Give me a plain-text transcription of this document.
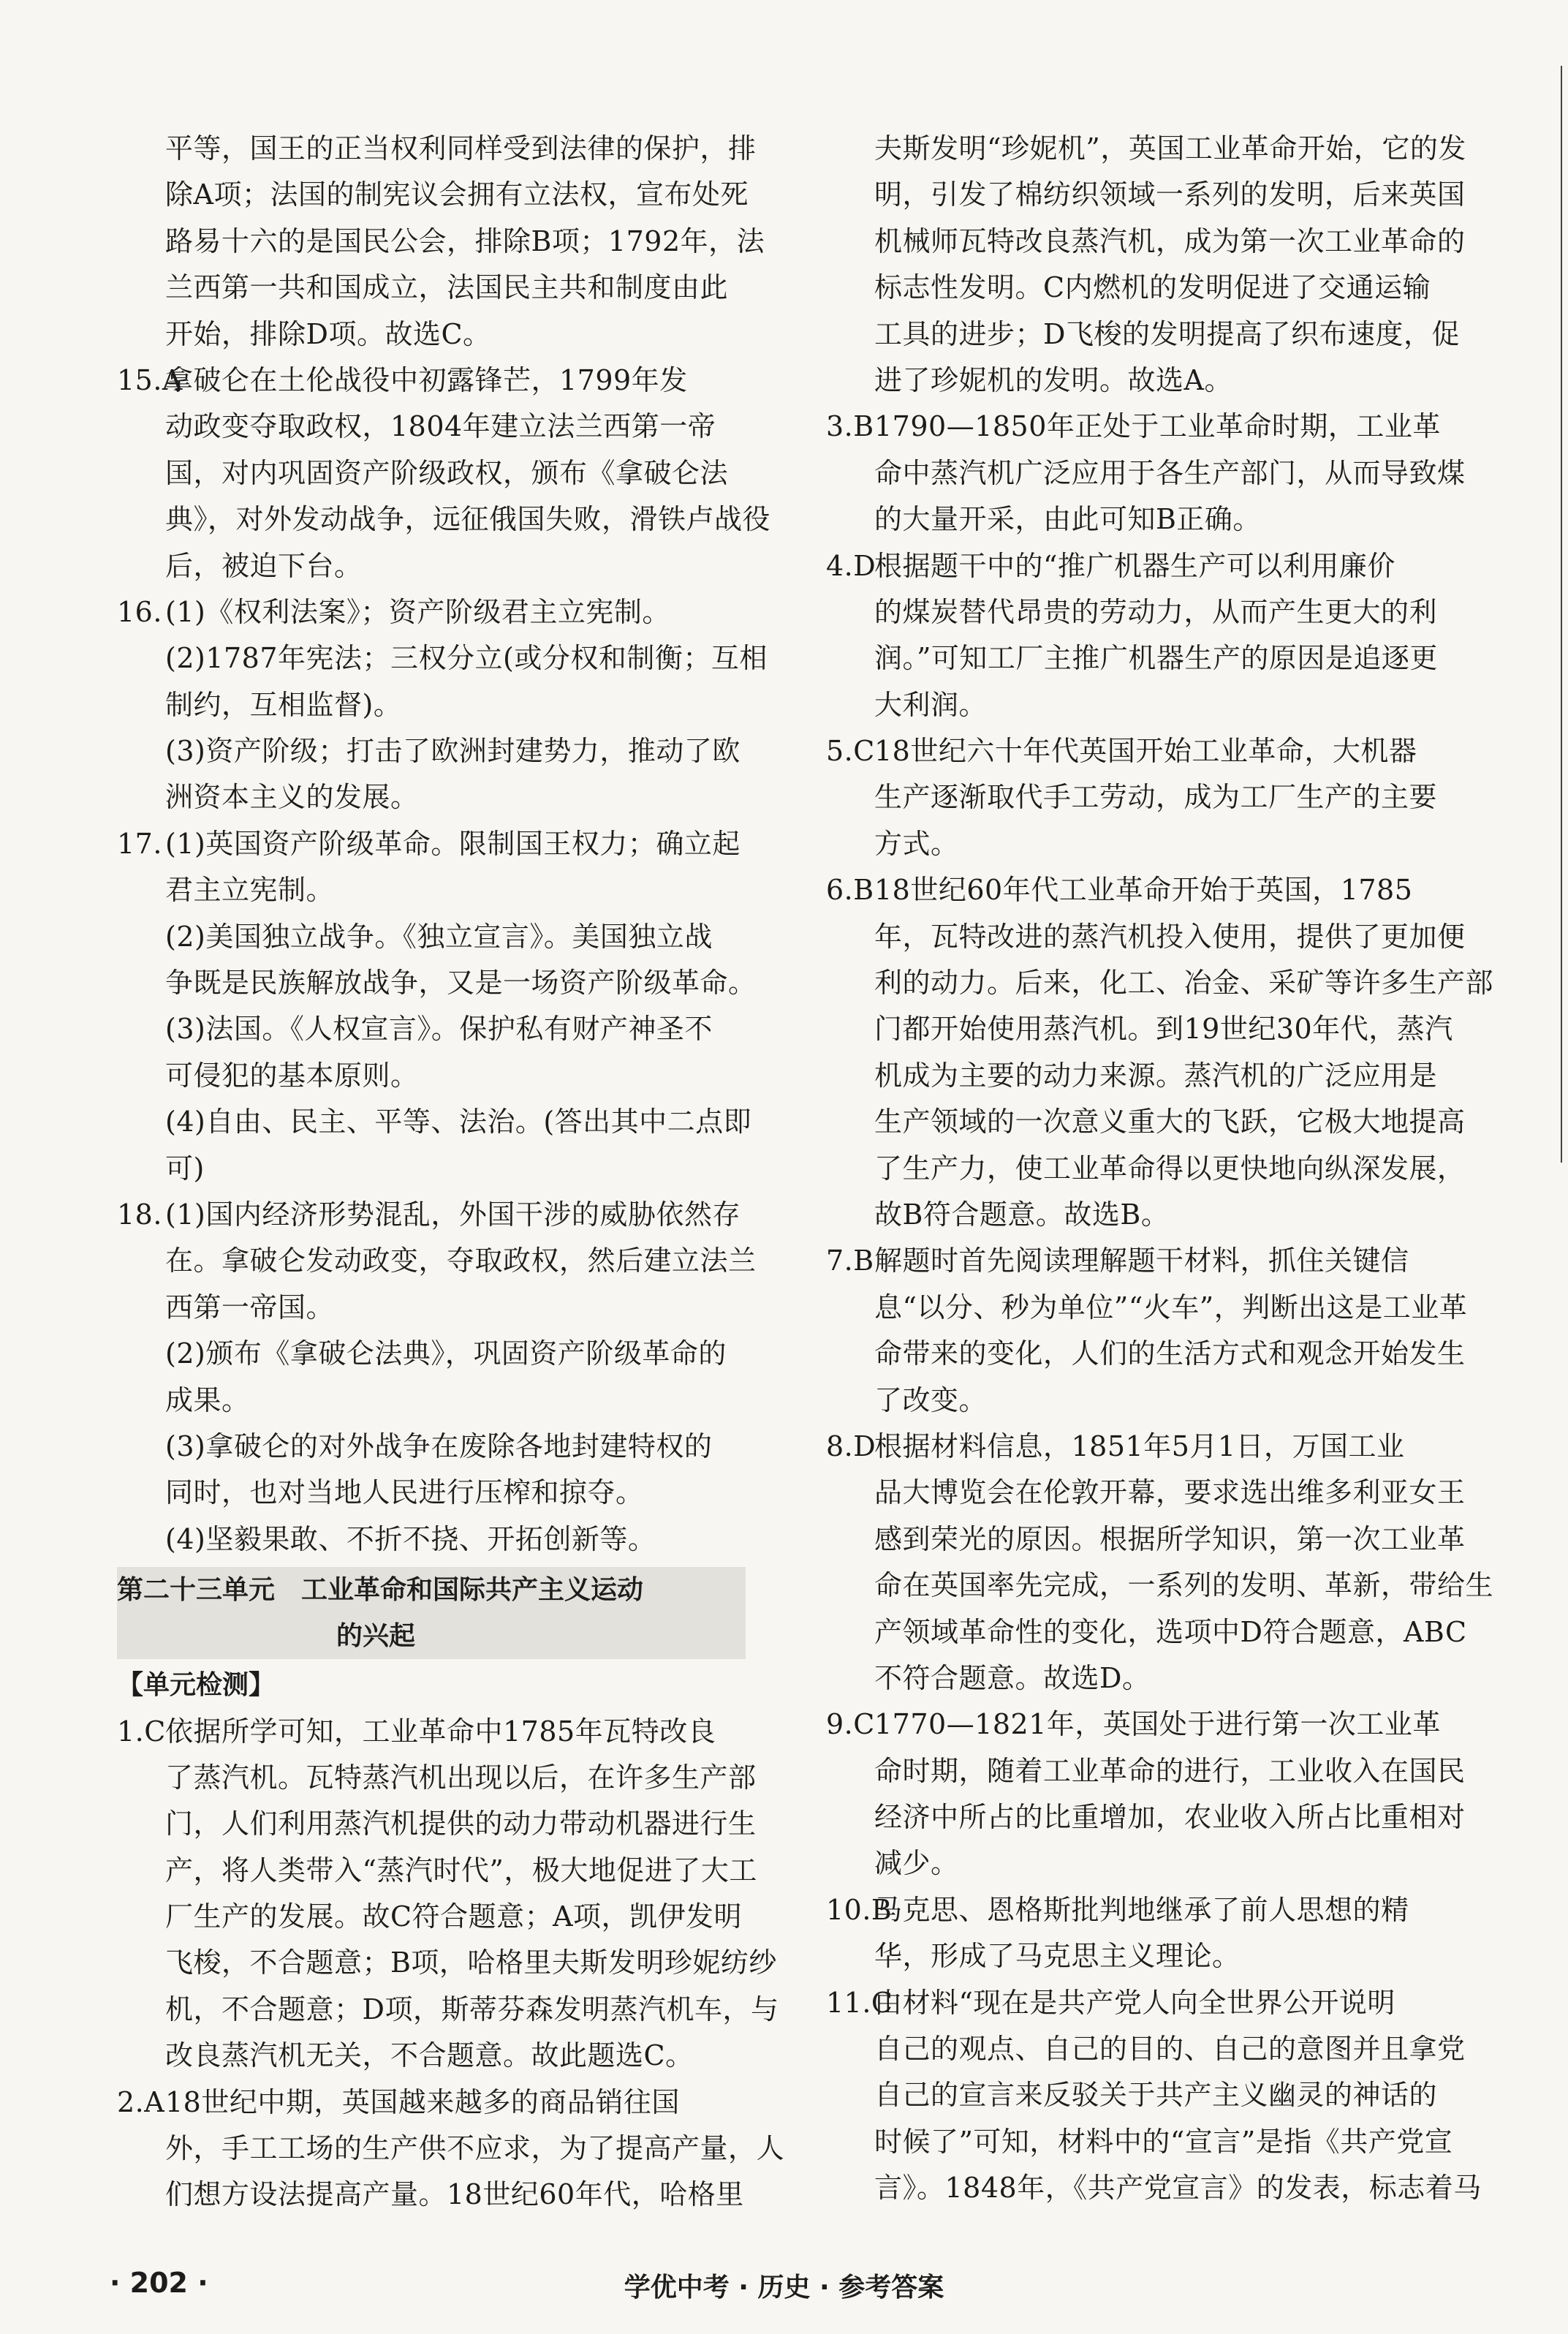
平等，国王的正当权利同样受到法律的保护，排
除A项；法国的制宪议会拥有立法权，宣布处死
路易十六的是国民公会，排除B项；1792年，法
兰西第一共和国成立，法国民主共和制度由此
开始，排除D项。故选C。
15.A拿破仑在土伦战役中初露锋芒，1799年发
动政变夺取政权，1804年建立法兰西第一帝
国，对内巩固资产阶级政权，颁布《拿破仑法
典》，对外发动战争，远征俄国失败，滑铁卢战役
后，被迫下台。
16. (1)《权利法案》；资产阶级君主立宪制。
(2)1787年宪法；三权分立(或分权和制衡；互相
制约，互相监督)。
(3)资产阶级；打击了欧洲封建势力，推动了欧
洲资本主义的发展。
17. (1)英国资产阶级革命。限制国王权力；确立起
君主立宪制。
(2)美国独立战争。《独立宣言》。美国独立战
争既是民族解放战争，又是一场资产阶级革命。
(3)法国。《人权宣言》。保护私有财产神圣不
可侵犯的基本原则。
(4)自由、民主、平等、法治。(答出其中二点即
可)
18. (1)国内经济形势混乱，外国干涉的威胁依然存
在。拿破仑发动政变，夺取政权，然后建立法兰
西第一帝国。
(2)颁布《拿破仑法典》，巩固资产阶级革命的
成果。
(3)拿破仑的对外战争在废除各地封建特权的
同时，也对当地人民进行压榨和掠夺。
(4)坚毅果敢、不折不挠、开拓创新等。
第二十三单元　工业革命和国际共产主义运动
的兴起
【单元检测】
1.C依据所学可知，工业革命中1785年瓦特改良
了蒸汽机。瓦特蒸汽机出现以后，在许多生产部
门，人们利用蒸汽机提供的动力带动机器进行生
产，将人类带入“蒸汽时代”，极大地促进了大工
厂生产的发展。故C符合题意；A项，凯伊发明
飞梭，不合题意；B项，哈格里夫斯发明珍妮纺纱
机，不合题意；D项，斯蒂芬森发明蒸汽机车，与
改良蒸汽机无关，不合题意。故此题选C。
2.A18世纪中期，英国越来越多的商品销往国
外，手工工场的生产供不应求，为了提高产量，人
们想方设法提高产量。18世纪60年代，哈格里
夫斯发明“珍妮机”，英国工业革命开始，它的发
明，引发了棉纺织领域一系列的发明，后来英国
机械师瓦特改良蒸汽机，成为第一次工业革命的
标志性发明。C内燃机的发明促进了交通运输
工具的进步；D飞梭的发明提高了织布速度，促
进了珍妮机的发明。故选A。
3.B1790—1850年正处于工业革命时期，工业革
命中蒸汽机广泛应用于各生产部门，从而导致煤
的大量开采，由此可知B正确。
4.D根据题干中的“推广机器生产可以利用廉价
的煤炭替代昂贵的劳动力，从而产生更大的利
润。”可知工厂主推广机器生产的原因是追逐更
大利润。
5.C18世纪六十年代英国开始工业革命，大机器
生产逐渐取代手工劳动，成为工厂生产的主要
方式。
6.B18世纪60年代工业革命开始于英国，1785
年，瓦特改进的蒸汽机投入使用，提供了更加便
利的动力。后来，化工、冶金、采矿等许多生产部
门都开始使用蒸汽机。到19世纪30年代，蒸汽
机成为主要的动力来源。蒸汽机的广泛应用是
生产领域的一次意义重大的飞跃，它极大地提高
了生产力，使工业革命得以更快地向纵深发展，
故B符合题意。故选B。
7.B解题时首先阅读理解题干材料，抓住关键信
息“以分、秒为单位”“火车”，判断出这是工业革
命带来的变化，人们的生活方式和观念开始发生
了改变。
8.D根据材料信息，1851年5月1日，万国工业
品大博览会在伦敦开幕，要求选出维多利亚女王
感到荣光的原因。根据所学知识，第一次工业革
命在英国率先完成，一系列的发明、革新，带给生
产领域革命性的变化，选项中D符合题意，ABC
不符合题意。故选D。
9.C1770—1821年，英国处于进行第一次工业革
命时期，随着工业革命的进行，工业收入在国民
经济中所占的比重增加，农业收入所占比重相对
减少。
10.B马克思、恩格斯批判地继承了前人思想的精
华，形成了马克思主义理论。
11.C由材料“现在是共产党人向全世界公开说明
自己的观点、自己的目的、自己的意图并且拿党
自己的宣言来反驳关于共产主义幽灵的神话的
时候了”可知，材料中的“宣言”是指《共产党宣
言》。1848年，《共产党宣言》的发表，标志着马
· 202 ·	学优中考 · 历史 · 参考答案
